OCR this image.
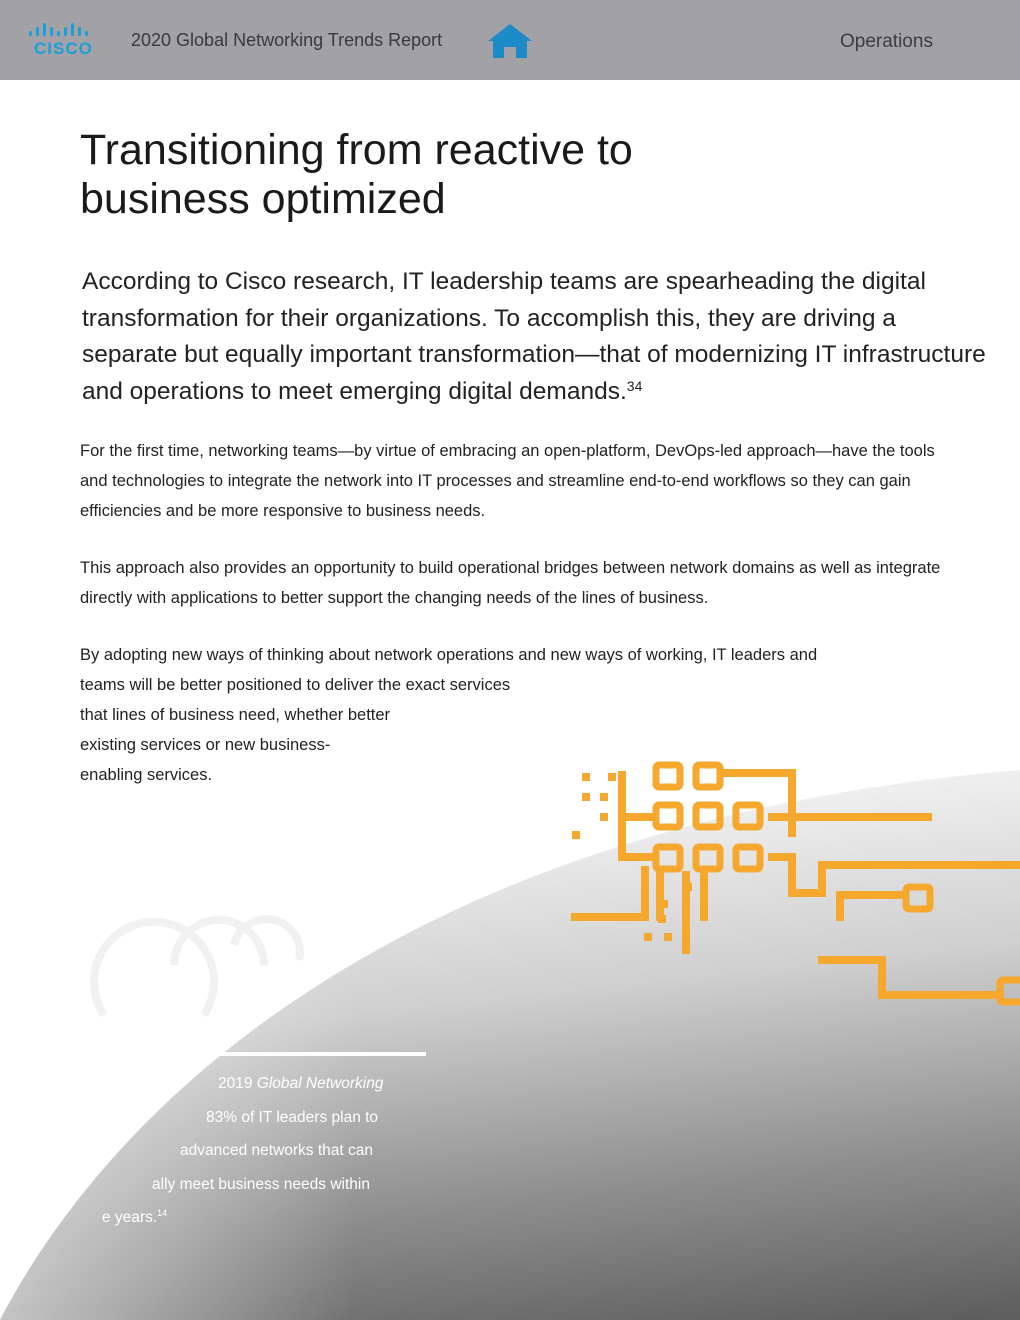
CISCO 2020 Global Networking Trends Report	Operations
Transitioning from reactive to
business optimized

According to Cisco research, IT leadership teams are spearheading the digital transformation for their organizations. To accomplish this, they are driving a separate but equally important transformation—that of modernizing IT infrastructure and operations to meet emerging digital demands.$^{34}$

For the first time, networking teams—by virtue of embracing an open-platform, DevOps-led approach—have the tools and technologies to integrate the network into IT processes and streamline end-to-end workflows so they can gain efficiencies and be more responsive to business needs.

This approach also provides an opportunity to build operational bridges between network domains as well as integrate directly with applications to better support the changing needs of the lines of business.

By adopting new ways of thinking about network operations and new ways of working, IT leaders and
teams will be better positioned to deliver the exact services
that lines of business need, whether better
existing services or new business-
enabling services.

2019 Global Networking
83% of IT leaders plan to
advanced networks that can
ally meet business needs within
e years.$^{14}$
